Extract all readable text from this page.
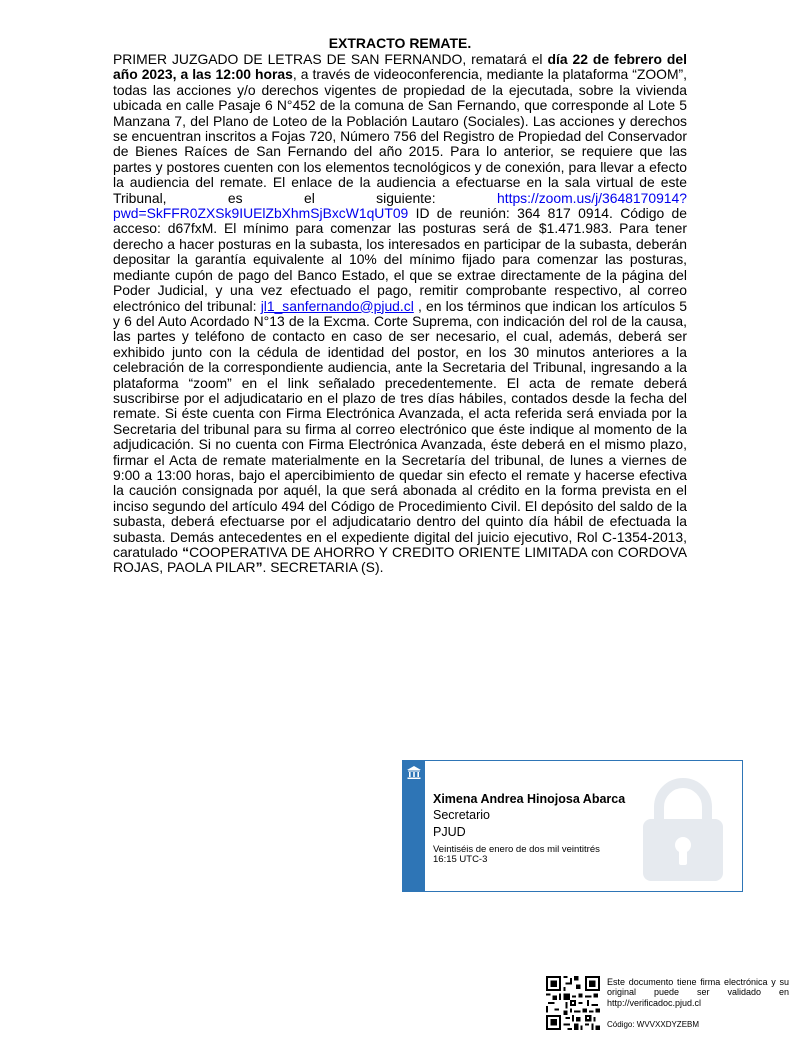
EXTRACTO REMATE.

PRIMER JUZGADO DE LETRAS DE SAN FERNANDO, rematará el día 22 de febrero del año 2023, a las 12:00 horas, a través de videoconferencia, mediante la plataforma “ZOOM”, todas las acciones y/o derechos vigentes de propiedad de la ejecutada, sobre la vivienda ubicada en calle Pasaje 6 N°452 de la comuna de San Fernando, que corresponde al Lote 5 Manzana 7, del Plano de Loteo de la Población Lautaro (Sociales). Las acciones y derechos se encuentran inscritos a Fojas 720, Número 756 del Registro de Propiedad del Conservador de Bienes Raíces de San Fernando del año 2015. Para lo anterior, se requiere que las partes y postores cuenten con los elementos tecnológicos y de conexión, para llevar a efecto la audiencia del remate. El enlace de la audiencia a efectuarse en la sala virtual de este Tribunal, es el siguiente: https://zoom.us/j/3648170914?pwd=SkFFR0ZXSk9IUElZbXhmSjBxcW1qUT09 ID de reunión: 364 817 0914. Código de acceso: d67fxM. El mínimo para comenzar las posturas será de $1.471.983. Para tener derecho a hacer posturas en la subasta, los interesados en participar de la subasta, deberán depositar la garantía equivalente al 10% del mínimo fijado para comenzar las posturas, mediante cupón de pago del Banco Estado, el que se extrae directamente de la página del Poder Judicial, y una vez efectuado el pago, remitir comprobante respectivo, al correo electrónico del tribunal: jl1_sanfernando@pjud.cl , en los términos que indican los artículos 5 y 6 del Auto Acordado N°13 de la Excma. Corte Suprema, con indicación del rol de la causa, las partes y teléfono de contacto en caso de ser necesario, el cual, además, deberá ser exhibido junto con la cédula de identidad del postor, en los 30 minutos anteriores a la celebración de la correspondiente audiencia, ante la Secretaria del Tribunal, ingresando a la plataforma “zoom” en el link señalado precedentemente. El acta de remate deberá suscribirse por el adjudicatario en el plazo de tres días hábiles, contados desde la fecha del remate. Si éste cuenta con Firma Electrónica Avanzada, el acta referida será enviada por la Secretaria del tribunal para su firma al correo electrónico que éste indique al momento de la adjudicación. Si no cuenta con Firma Electrónica Avanzada, éste deberá en el mismo plazo, firmar el Acta de remate materialmente en la Secretaría del tribunal, de lunes a viernes de 9:00 a 13:00 horas, bajo el apercibimiento de quedar sin efecto el remate y hacerse efectiva la caución consignada por aquél, la que será abonada al crédito en la forma prevista en el inciso segundo del artículo 494 del Código de Procedimiento Civil. El depósito del saldo de la subasta, deberá efectuarse por el adjudicatario dentro del quinto día hábil de efectuada la subasta. Demás antecedentes en el expediente digital del juicio ejecutivo, Rol C-1354-2013, caratulado “COOPERATIVA DE AHORRO Y CREDITO ORIENTE LIMITADA con CORDOVA ROJAS, PAOLA PILAR”. SECRETARIA (S).

Ximena Andrea Hinojosa Abarca
Secretario
PJUD
Veintiséis de enero de dos mil veintitrés
16:15 UTC-3
Este documento tiene firma electrónica y su original puede ser validado en http://verificadoc.pjud.cl
Código: WVVXXDYZEBM
